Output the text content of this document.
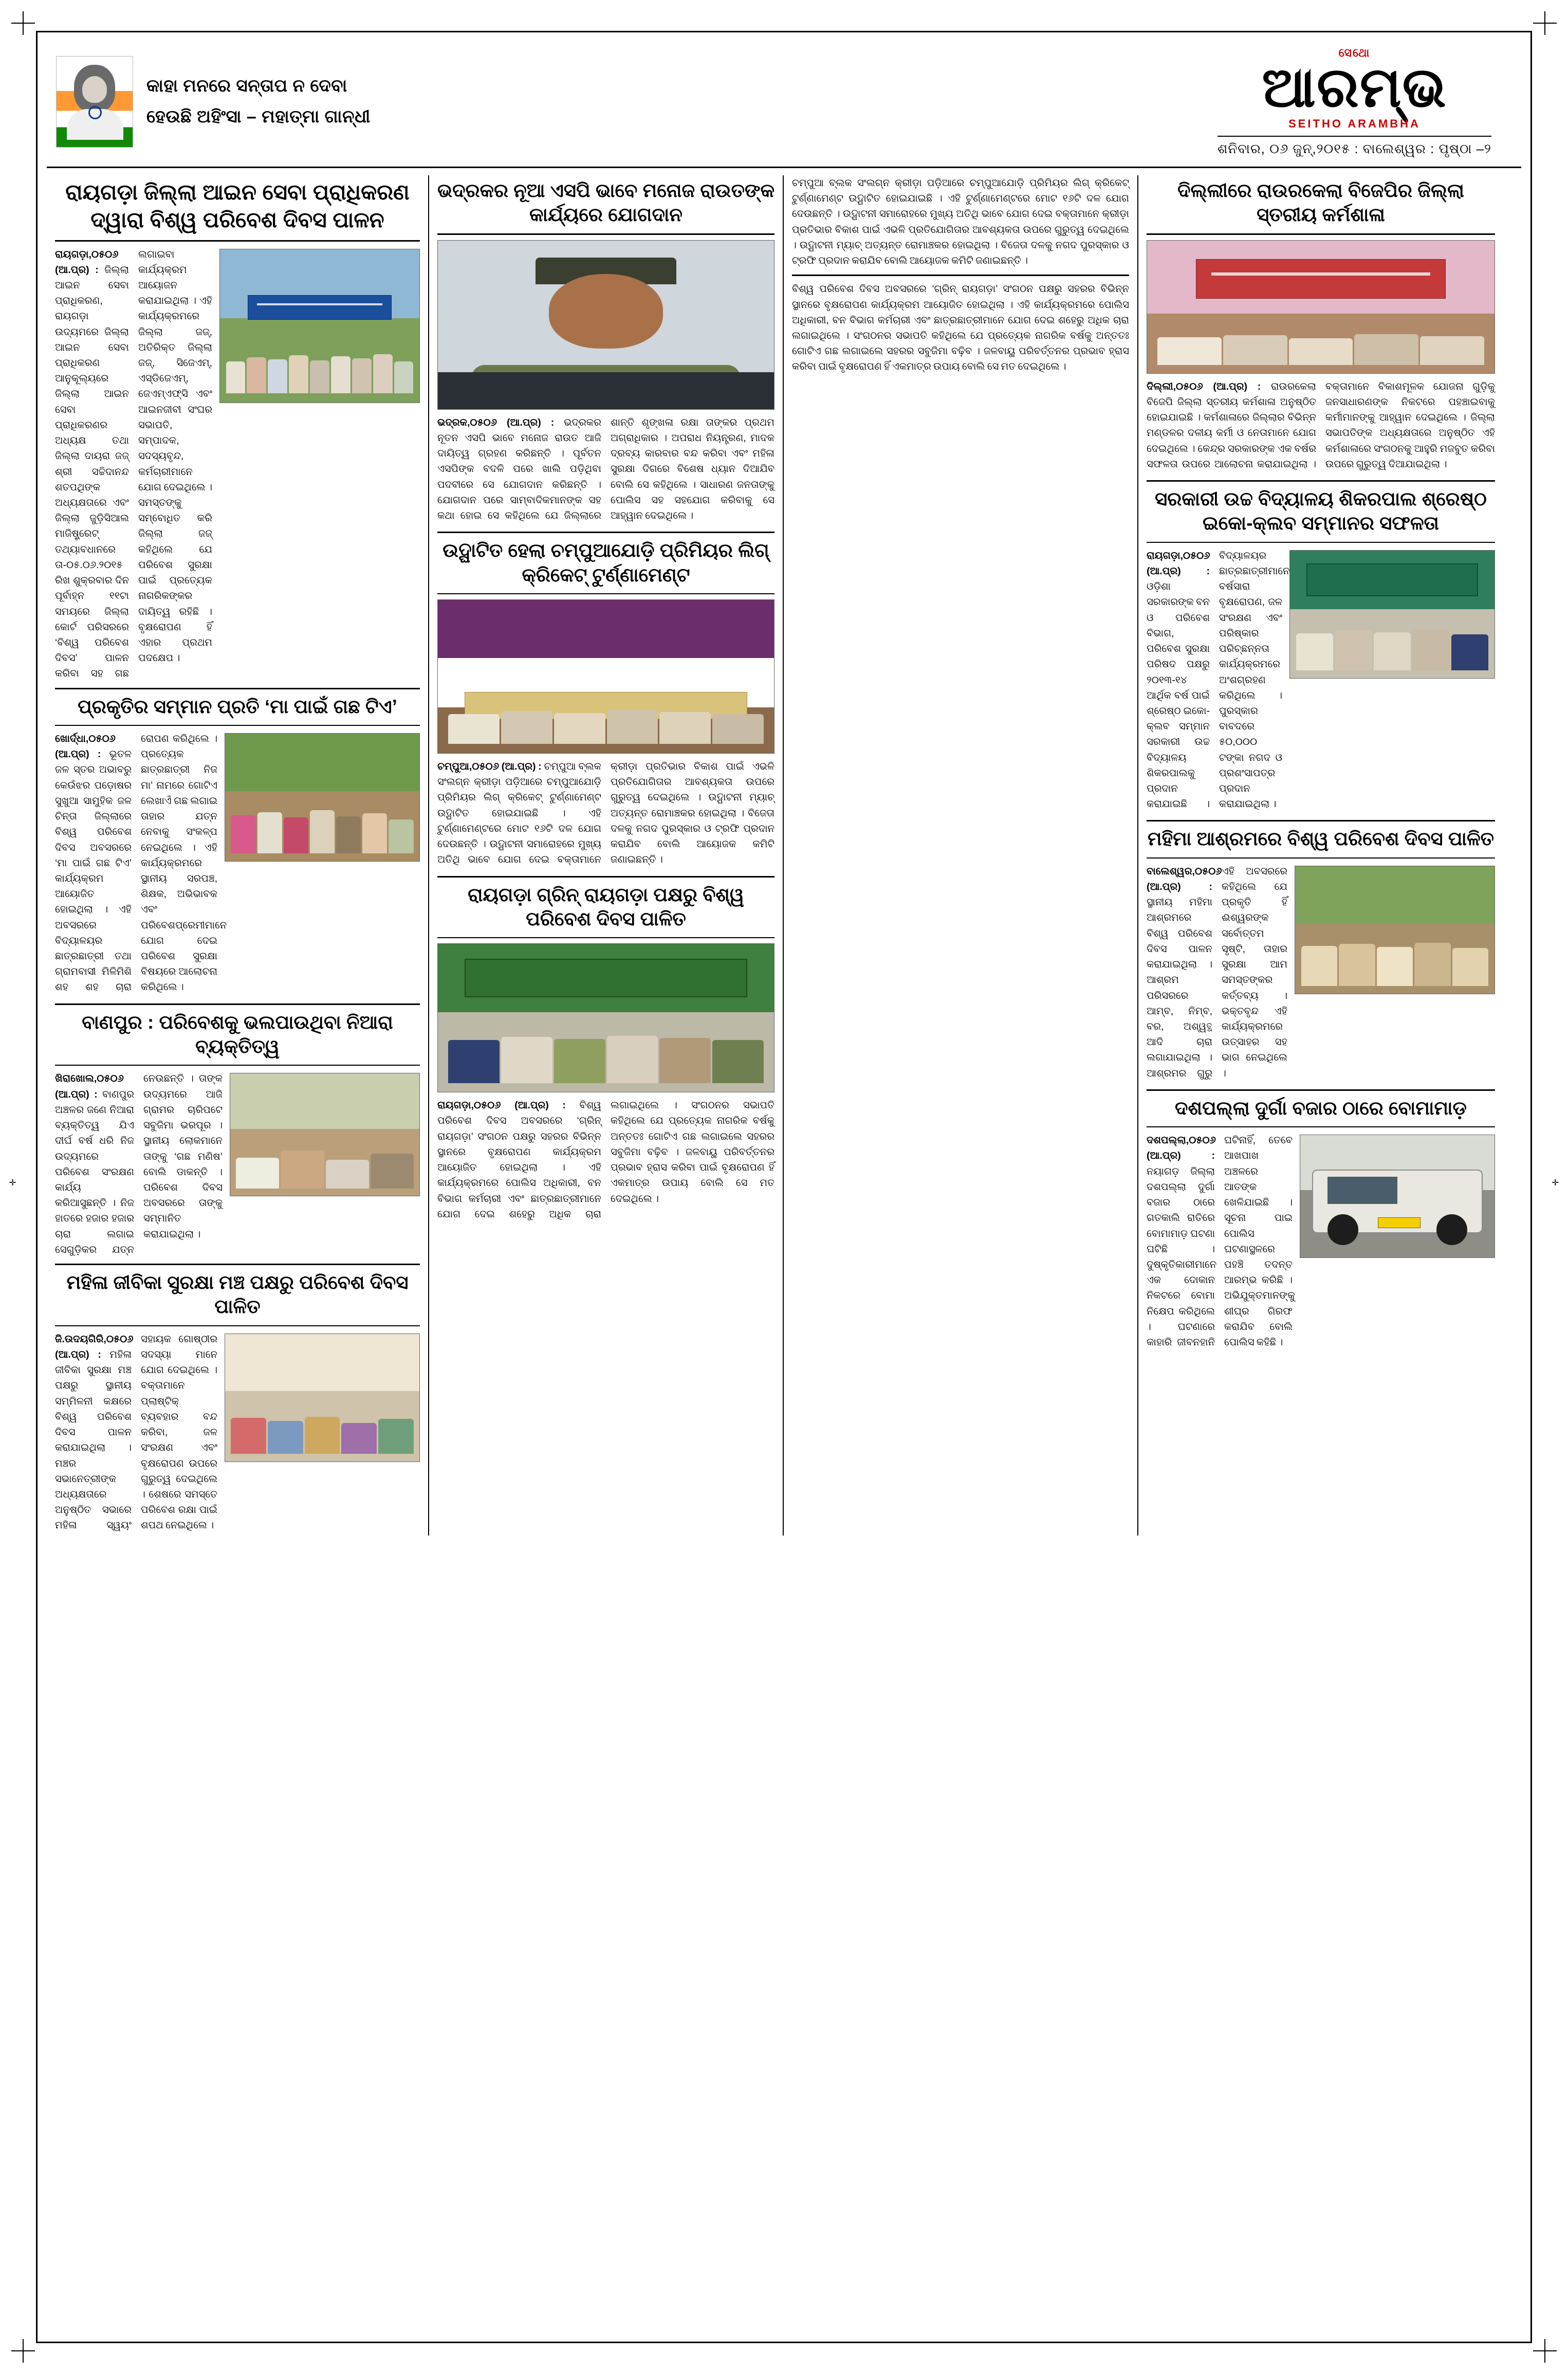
✛	✛
କାହା ମନରେ ସନ୍ତାପ ନ ଦେବା
ହେଉଛି ଅହିଂସା – ମହାତ୍ମା ଗାନ୍ଧୀ
ସେଥୋ
ଆରମ୍ଭ
SEITHO ARAMBHA
ଶନିବାର, ୦୬ ଜୁନ୍,୨୦୧୫ : ବାଲେଶ୍ୱର : ପୃଷ୍ଠା –୨
ରାୟଗଡ଼ା ଜିଲ୍ଲା ଆଇନ ସେବା ପ୍ରାଧିକରଣ ଦ୍ୱାରା ବିଶ୍ୱ ପରିବେଶ ଦିବସ ପାଳନ

ରାୟଗଡ଼ା,୦୫୦୬ (ଆ.ପ୍ର) : ଜିଲ୍ଲା ଆଇନ ସେବା ପ୍ରାଧିକରଣ, ରାୟଗଡ଼ା ଉଦ୍ୟମରେ ଜିଲ୍ଲା ଆଇନ ସେବା ପ୍ରାଧିକରଣ ଆନୁକୂଲ୍ୟରେ ଜିଲ୍ଲା ଆଇନ ସେବା ପ୍ରାଧିକରଣର ଅଧ୍ୟକ୍ଷ ତଥା ଜିଲ୍ଲା ଦାୟରା ଜଜ୍ ଶ୍ରୀ ସଚ୍ଚିଦାନନ୍ଦ ଶତପଥିଙ୍କ ଅଧ୍ୟକ୍ଷତାରେ ଏବଂ ଜିଲ୍ଲା ଜୁଡ଼ିସିଆଲ ମାଜିଷ୍ଟ୍ରେଟ୍ ତଥ୍ୟାବଧାନରେ ତା-୦୫.୦୬.୨୦୧୫ ରିଖ ଶୁକ୍ରବାର ଦିନ ପୂର୍ବାହ୍ନ ୧୧ଟା ସମୟରେ ଜିଲ୍ଲା କୋର୍ଟ ପରିସରରେ ‘ବିଶ୍ୱ ପରିବେଶ ଦିବସ’ ପାଳନ କରିବା ସହ ଗଛ ଲଗାଇବା କାର୍ଯ୍ୟକ୍ରମ ଆୟୋଜନ କରାଯାଇଥିଲା । ଏହି କାର୍ଯ୍ୟକ୍ରମରେ ଜିଲ୍ଲା ଜଜ୍, ଅତିରିକ୍ତ ଜିଲ୍ଲା ଜଜ୍, ସିଜେଏମ୍, ଏସ୍‌ଡିଜେଏମ୍, ଜେଏମ୍‌ଏଫ୍‌ସି ଏବଂ ଆଇନଜୀବୀ ସଂଘର ସଭାପତି, ସମ୍ପାଦକ, ସଦସ୍ୟବୃନ୍ଦ, କର୍ମଚାରୀମାନେ ଯୋଗ ଦେଇଥିଲେ । ସମସ୍ତଙ୍କୁ ସମ୍ବୋଧିତ କରି ଜିଲ୍ଲା ଜଜ୍ କହିଥିଲେ ଯେ ପରିବେଶ ସୁରକ୍ଷା ପାଇଁ ପ୍ରତ୍ୟେକ ନାଗରିକଙ୍କର ଦାୟିତ୍ୱ ରହିଛି । ବୃକ୍ଷରୋପଣ ହିଁ ଏହାର ପ୍ରଥମ ପଦକ୍ଷେପ ।

ପ୍ରକୃତିର ସମ୍ମାନ ପ୍ରତି ‘ମା ପାଇଁ ଗଛ ଟିଏ’

ଖୋର୍ଦ୍ଧା,୦୫୦୬ (ଆ.ପ୍ର) : ଭୂତଳ ଜଳ ସ୍ତର ଅଭାବରୁ କେଉଁଝର ପଡ଼ୋଷର ସୁଖୁଆ ସାମୁହିକ ଜଳ ଚିନ୍ତା ଜିଲ୍ଲାରେ ବିଶ୍ୱ ପରିବେଶ ଦିବସ ଅବସରରେ ‘ମା ପାଇଁ ଗଛ ଟିଏ’ କାର୍ଯ୍ୟକ୍ରମ ଆୟୋଜିତ ହୋଇଥିଲା । ଏହି ଅବସରରେ ବିଦ୍ୟାଳୟର ଛାତ୍ରଛାତ୍ରୀ ତଥା ଗ୍ରାମବାସୀ ମିଳିମିଶି ଶହ ଶହ ଚାରା ରୋପଣ କରିଥିଲେ । ପ୍ରତ୍ୟେକ ଛାତ୍ରଛାତ୍ରୀ ନିଜ ମା’ ନାମରେ ଗୋଟିଏ ଲେଖାଏଁ ଗଛ ଲଗାଇ ତାହାର ଯତ୍ନ ନେବାକୁ ସଂକଳ୍ପ ନେଇଥିଲେ । ଏହି କାର୍ଯ୍ୟକ୍ରମରେ ସ୍ଥାନୀୟ ସରପଞ୍ଚ, ଶିକ୍ଷକ, ଅଭିଭାବକ ଏବଂ ପରିବେଶପ୍ରେମୀମାନେ ଯୋଗ ଦେଇ ପରିବେଶ ସୁରକ୍ଷା ବିଷୟରେ ଆଲୋଚନା କରିଥିଲେ ।

ବାଣପୁର : ପରିବେଶକୁ ଭଲପାଉଥିବା ନିଆରା ବ୍ୟକ୍ତିତ୍ୱ

ଖିରାଖୋଲ,୦୫୦୬ (ଆ.ପ୍ର) : ବାଣପୁର ଅଞ୍ଚଳର ଜଣେ ନିଆରା ବ୍ୟକ୍ତିତ୍ୱ ଯିଏ ଦୀର୍ଘ ବର୍ଷ ଧରି ନିଜ ଉଦ୍ୟମରେ ପରିବେଶ ସଂରକ୍ଷଣ କାର୍ଯ୍ୟ କରିଆସୁଛନ୍ତି । ନିଜ ହାତରେ ହଜାର ହଜାର ଚାରା ଲଗାଇ ସେଗୁଡ଼ିକର ଯତ୍ନ ନେଉଛନ୍ତି । ତାଙ୍କ ଉଦ୍ୟମରେ ଆଜି ଗ୍ରାମର ଚାରିପଟେ ସବୁଜିମା ଭରପୂର । ସ୍ଥାନୀୟ ଲୋକମାନେ ତାଙ୍କୁ ‘ଗଛ ମଣିଷ’ ବୋଲି ଡାକନ୍ତି । ପରିବେଶ ଦିବସ ଅବସରରେ ତାଙ୍କୁ ସମ୍ମାନିତ କରାଯାଇଥିଲା ।

ମହିଳା ଜୀବିକା ସୁରକ୍ଷା ମଞ୍ଚ ପକ୍ଷରୁ ପରିବେଶ ଦିବସ ପାଳିତ

ଜି.ଉଦୟଗିରି,୦୫୦୬ (ଆ.ପ୍ର) : ମହିଳା ଜୀବିକା ସୁରକ୍ଷା ମଞ୍ଚ ପକ୍ଷରୁ ସ୍ଥାନୀୟ ସମ୍ମିଳନୀ କକ୍ଷରେ ବିଶ୍ୱ ପରିବେଶ ଦିବସ ପାଳନ କରାଯାଇଥିଲା । ମଞ୍ଚର ସଭାନେତ୍ରୀଙ୍କ ଅଧ୍ୟକ୍ଷତାରେ ଅନୁଷ୍ଠିତ ସଭାରେ ମହିଳା ସ୍ୱୟଂ ସହାୟକ ଗୋଷ୍ଠୀର ସଦସ୍ୟା ମାନେ ଯୋଗ ଦେଇଥିଲେ । ବକ୍ତାମାନେ ପ୍ଲାଷ୍ଟିକ୍ ବ୍ୟବହାର ବନ୍ଦ କରିବା, ଜଳ ସଂରକ୍ଷଣ ଏବଂ ବୃକ୍ଷରୋପଣ ଉପରେ ଗୁରୁତ୍ୱ ଦେଇଥିଲେ । ଶେଷରେ ସମସ୍ତେ ପରିବେଶ ରକ୍ଷା ପାଇଁ ଶପଥ ନେଇଥିଲେ ।

ଭଦ୍ରକର ନୂଆ ଏସପି ଭାବେ ମନୋଜ ରାଉତଙ୍କ କାର୍ଯ୍ୟରେ ଯୋଗଦାନ

ଭଦ୍ରକ,୦୫୦୬ (ଆ.ପ୍ର) : ଭଦ୍ରକର ନୂତନ ଏସପି ଭାବେ ମନୋଜ ରାଉତ ଆଜି ଦାୟିତ୍ୱ ଗ୍ରହଣ କରିଛନ୍ତି । ପୂର୍ବତନ ଏସପିଙ୍କ ବଦଳି ପରେ ଖାଲି ପଡ଼ିଥିବା ପଦବୀରେ ସେ ଯୋଗଦାନ କରିଛନ୍ତି । ଯୋଗଦାନ ପରେ ସାମ୍ବାଦିକମାନଙ୍କ ସହ କଥା ହୋଇ ସେ କହିଥିଲେ ଯେ ଜିଲ୍ଲାରେ ଶାନ୍ତି ଶୃଙ୍ଖଳା ରକ୍ଷା ତାଙ୍କର ପ୍ରଥମ ଅଗ୍ରାଧିକାର । ଅପରାଧ ନିୟନ୍ତ୍ରଣ, ମାଦକ ଦ୍ରବ୍ୟ କାରବାର ବନ୍ଦ କରିବା ଏବଂ ମହିଳା ସୁରକ୍ଷା ଦିଗରେ ବିଶେଷ ଧ୍ୟାନ ଦିଆଯିବ ବୋଲି ସେ କହିଥିଲେ । ସାଧାରଣ ଜନତାଙ୍କୁ ପୋଲିସ ସହ ସହଯୋଗ କରିବାକୁ ସେ ଆହ୍ୱାନ ଦେଇଥିଲେ ।

ଉଦ୍ଘାଟିତ ହେଲା ଚମ୍ପୁଆଯୋଡ଼ି ପ୍ରିମିୟର ଲିଗ୍ କ୍ରିକେଟ୍ ଟୁର୍ଣ୍ଣାମେଣ୍ଟ

ଚମ୍ପୁଆ,୦୫୦୬ (ଆ.ପ୍ର) : ଚମ୍ପୁଆ ବ୍ଲକ ସଂଲଗ୍ନ କ୍ରୀଡ଼ା ପଡ଼ିଆରେ ଚମ୍ପୁଆଯୋଡ଼ି ପ୍ରିମିୟର ଲିଗ୍ କ୍ରିକେଟ୍ ଟୁର୍ଣ୍ଣାମେଣ୍ଟ ଉଦ୍ଘାଟିତ ହୋଇଯାଇଛି । ଏହି ଟୁର୍ଣ୍ଣାମେଣ୍ଟରେ ମୋଟ ୧୬ଟି ଦଳ ଯୋଗ ଦେଉଛନ୍ତି । ଉଦ୍ଘାଟନୀ ସମାରୋହରେ ମୁଖ୍ୟ ଅତିଥି ଭାବେ ଯୋଗ ଦେଇ ବକ୍ତାମାନେ କ୍ରୀଡ଼ା ପ୍ରତିଭାର ବିକାଶ ପାଇଁ ଏଭଳି ପ୍ରତିଯୋଗିତାର ଆବଶ୍ୟକତା ଉପରେ ଗୁରୁତ୍ୱ ଦେଇଥିଲେ । ଉଦ୍ଘାଟନୀ ମ୍ୟାଚ୍ ଅତ୍ୟନ୍ତ ରୋମାଞ୍ଚକର ହୋଇଥିଲା । ବିଜେତା ଦଳକୁ ନଗଦ ପୁରସ୍କାର ଓ ଟ୍ରଫି ପ୍ରଦାନ କରାଯିବ ବୋଲି ଆୟୋଜକ କମିଟି ଜଣାଇଛନ୍ତି ।

ରାୟଗଡ଼ା ଗ୍ରିନ୍ ରାୟଗଡ଼ା ପକ୍ଷରୁ ବିଶ୍ୱ ପରିବେଶ ଦିବସ ପାଳିତ

ରାୟଗଡ଼ା,୦୫୦୬ (ଆ.ପ୍ର) : ବିଶ୍ୱ ପରିବେଶ ଦିବସ ଅବସରରେ ‘ଗ୍ରିନ୍ ରାୟଗଡ଼ା’ ସଂଗଠନ ପକ୍ଷରୁ ସହରର ବିଭିନ୍ନ ସ୍ଥାନରେ ବୃକ୍ଷରୋପଣ କାର୍ଯ୍ୟକ୍ରମ ଆୟୋଜିତ ହୋଇଥିଲା । ଏହି କାର୍ଯ୍ୟକ୍ରମରେ ପୋଲିସ ଅଧିକାରୀ, ବନ ବିଭାଗ କର୍ମଚାରୀ ଏବଂ ଛାତ୍ରଛାତ୍ରୀମାନେ ଯୋଗ ଦେଇ ଶହେରୁ ଅଧିକ ଚାରା ଲଗାଇଥିଲେ । ସଂଗଠନର ସଭାପତି କହିଥିଲେ ଯେ ପ୍ରତ୍ୟେକ ନାଗରିକ ବର୍ଷକୁ ଅନ୍ତତଃ ଗୋଟିଏ ଗଛ ଲଗାଇଲେ ସହରର ସବୁଜିମା ବଢ଼ିବ । ଜଳବାୟୁ ପରିବର୍ତ୍ତନର ପ୍ରଭାବ ହ୍ରାସ କରିବା ପାଇଁ ବୃକ୍ଷରୋପଣ ହିଁ ଏକମାତ୍ର ଉପାୟ ବୋଲି ସେ ମତ ଦେଇଥିଲେ ।

ଚମ୍ପୁଆ ବ୍ଲକ ସଂଲଗ୍ନ କ୍ରୀଡ଼ା ପଡ଼ିଆରେ ଚମ୍ପୁଆଯୋଡ଼ି ପ୍ରିମିୟର ଲିଗ୍ କ୍ରିକେଟ୍ ଟୁର୍ଣ୍ଣାମେଣ୍ଟ ଉଦ୍ଘାଟିତ ହୋଇଯାଇଛି । ଏହି ଟୁର୍ଣ୍ଣାମେଣ୍ଟରେ ମୋଟ ୧୬ଟି ଦଳ ଯୋଗ ଦେଉଛନ୍ତି । ଉଦ୍ଘାଟନୀ ସମାରୋହରେ ମୁଖ୍ୟ ଅତିଥି ଭାବେ ଯୋଗ ଦେଇ ବକ୍ତାମାନେ କ୍ରୀଡ଼ା ପ୍ରତିଭାର ବିକାଶ ପାଇଁ ଏଭଳି ପ୍ରତିଯୋଗିତାର ଆବଶ୍ୟକତା ଉପରେ ଗୁରୁତ୍ୱ ଦେଇଥିଲେ । ଉଦ୍ଘାଟନୀ ମ୍ୟାଚ୍ ଅତ୍ୟନ୍ତ ରୋମାଞ୍ଚକର ହୋଇଥିଲା । ବିଜେତା ଦଳକୁ ନଗଦ ପୁରସ୍କାର ଓ ଟ୍ରଫି ପ୍ରଦାନ କରାଯିବ ବୋଲି ଆୟୋଜକ କମିଟି ଜଣାଇଛନ୍ତି ।

ବିଶ୍ୱ ପରିବେଶ ଦିବସ ଅବସରରେ ‘ଗ୍ରିନ୍ ରାୟଗଡ଼ା’ ସଂଗଠନ ପକ୍ଷରୁ ସହରର ବିଭିନ୍ନ ସ୍ଥାନରେ ବୃକ୍ଷରୋପଣ କାର୍ଯ୍ୟକ୍ରମ ଆୟୋଜିତ ହୋଇଥିଲା । ଏହି କାର୍ଯ୍ୟକ୍ରମରେ ପୋଲିସ ଅଧିକାରୀ, ବନ ବିଭାଗ କର୍ମଚାରୀ ଏବଂ ଛାତ୍ରଛାତ୍ରୀମାନେ ଯୋଗ ଦେଇ ଶହେରୁ ଅଧିକ ଚାରା ଲଗାଇଥିଲେ । ସଂଗଠନର ସଭାପତି କହିଥିଲେ ଯେ ପ୍ରତ୍ୟେକ ନାଗରିକ ବର୍ଷକୁ ଅନ୍ତତଃ ଗୋଟିଏ ଗଛ ଲଗାଇଲେ ସହରର ସବୁଜିମା ବଢ଼ିବ । ଜଳବାୟୁ ପରିବର୍ତ୍ତନର ପ୍ରଭାବ ହ୍ରାସ କରିବା ପାଇଁ ବୃକ୍ଷରୋପଣ ହିଁ ଏକମାତ୍ର ଉପାୟ ବୋଲି ସେ ମତ ଦେଇଥିଲେ ।

ଦିଲ୍ଲୀରେ ରାଉରକେଲା ବିଜେପିର ଜିଲ୍ଲା ସ୍ତରୀୟ କର୍ମଶାଳା

ଦିଲ୍ଲୀ,୦୫୦୬ (ଆ.ପ୍ର) : ରାଉରକେଲା ବିଜେପି ଜିଲ୍ଲା ସ୍ତରୀୟ କର୍ମଶାଳା ଅନୁଷ୍ଠିତ ହୋଇଯାଇଛି । କର୍ମଶାଳାରେ ଜିଲ୍ଲାର ବିଭିନ୍ନ ମଣ୍ଡଳର ଦଳୀୟ କର୍ମୀ ଓ ନେତାମାନେ ଯୋଗ ଦେଇଥିଲେ । କେନ୍ଦ୍ର ସରକାରଙ୍କ ଏକ ବର୍ଷର ସଫଳତା ଉପରେ ଆଲୋଚନା କରାଯାଇଥିଲା । ବକ୍ତାମାନେ ବିକାଶମୂଳକ ଯୋଜନା ଗୁଡ଼ିକୁ ଜନସାଧାରଣଙ୍କ ନିକଟରେ ପହଞ୍ଚାଇବାକୁ କର୍ମୀମାନଙ୍କୁ ଆହ୍ୱାନ ଦେଇଥିଲେ । ଜିଲ୍ଲା ସଭାପତିଙ୍କ ଅଧ୍ୟକ୍ଷତାରେ ଅନୁଷ୍ଠିତ ଏହି କର୍ମଶାଳାରେ ସଂଗଠନକୁ ଆହୁରି ମଜବୁତ କରିବା ଉପରେ ଗୁରୁତ୍ୱ ଦିଆଯାଇଥିଲା ।

ସରକାରୀ ଉଚ୍ଚ ବିଦ୍ୟାଳୟ ଶିକରପାଲ ଶ୍ରେଷ୍ଠ ଇକୋ-କ୍ଲବ ସମ୍ମାନର ସଫଳତା

ରାୟଗଡ଼ା,୦୫୦୬ (ଆ.ପ୍ର) : ଓଡ଼ିଶା ସରକାରଙ୍କ ବନ ଓ ପରିବେଶ ବିଭାଗ, ପରିବେଶ ସୁରକ୍ଷା ପରିଷଦ ପକ୍ଷରୁ ୨୦୧୩-୧୪ ଆର୍ଥିକ ବର୍ଷ ପାଇଁ ଶ୍ରେଷ୍ଠ ଇକୋ-କ୍ଲବ ସମ୍ମାନ ସରକାରୀ ଉଚ୍ଚ ବିଦ୍ୟାଳୟ ଶିକରପାଲକୁ ପ୍ରଦାନ କରାଯାଇଛି । ବିଦ୍ୟାଳୟର ଛାତ୍ରଛାତ୍ରୀମାନେ ବର୍ଷସାରା ବୃକ୍ଷରୋପଣ, ଜଳ ସଂରକ୍ଷଣ ଏବଂ ପରିଷ୍କାର ପରିଚ୍ଛନ୍ନତା କାର୍ଯ୍ୟକ୍ରମରେ ଅଂଶଗ୍ରହଣ କରିଥିଲେ । ପୁରସ୍କାର ବାବଦରେ ୫୦,୦୦୦ ଟଙ୍କା ନଗଦ ଓ ପ୍ରଶଂସାପତ୍ର ପ୍ରଦାନ କରାଯାଇଥିଲା ।

ମହିମା ଆଶ୍ରମରେ ବିଶ୍ୱ ପରିବେଶ ଦିବସ ପାଳିତ

ବାଲେଶ୍ୱର,୦୫୦୬ (ଆ.ପ୍ର) : ସ୍ଥାନୀୟ ମହିମା ଆଶ୍ରମରେ ବିଶ୍ୱ ପରିବେଶ ଦିବସ ପାଳନ କରାଯାଇଥିଲା । ଆଶ୍ରମ ପରିସରରେ ଆମ୍ବ, ନିମ୍ବ, ବର, ଅଶ୍ୱତ୍ଥ ଆଦି ଚାରା ଲଗାଯାଇଥିଲା । ଆଶ୍ରମର ଗୁରୁ ଏହି ଅବସରରେ କହିଥିଲେ ଯେ ପ୍ରକୃତି ହିଁ ଈଶ୍ୱରଙ୍କ ସର୍ବୋତ୍ତମ ସୃଷ୍ଟି, ତାହାର ସୁରକ୍ଷା ଆମ ସମସ୍ତଙ୍କର କର୍ତ୍ତବ୍ୟ । ଭକ୍ତବୃନ୍ଦ ଏହି କାର୍ଯ୍ୟକ୍ରମରେ ଉତ୍ସାହର ସହ ଭାଗ ନେଇଥିଲେ ।

ଦଶପଲ୍ଲା ଦୁର୍ଗା ବଜାର ଠାରେ ବୋମାମାଡ଼

ଦଶପଲ୍ଲା,୦୫୦୬ (ଆ.ପ୍ର) : ନୟାଗଡ଼ ଜିଲ୍ଲା ଦଶପଲ୍ଲା ଦୁର୍ଗା ବଜାର ଠାରେ ଗତକାଲି ରାତିରେ ବୋମାମାଡ଼ ଘଟଣା ଘଟିଛି । ଦୁଷ୍କୃତିକାରୀମାନେ ଏକ ଦୋକାନ ନିକଟରେ ବୋମା ନିକ୍ଷେପ କରିଥିଲେ । ଘଟଣାରେ କାହାରି ଜୀବନହାନି ଘଟିନାହିଁ, ତେବେ ଆଖପାଖ ଅଞ୍ଚଳରେ ଆତଙ୍କ ଖେଳିଯାଇଛି । ସୂଚନା ପାଇ ପୋଲିସ ଘଟଣାସ୍ଥଳରେ ପହଞ୍ଚି ତଦନ୍ତ ଆରମ୍ଭ କରିଛି । ଅଭିଯୁକ୍ତମାନଙ୍କୁ ଶୀଘ୍ର ଗିରଫ କରାଯିବ ବୋଲି ପୋଲିସ କହିଛି ।
